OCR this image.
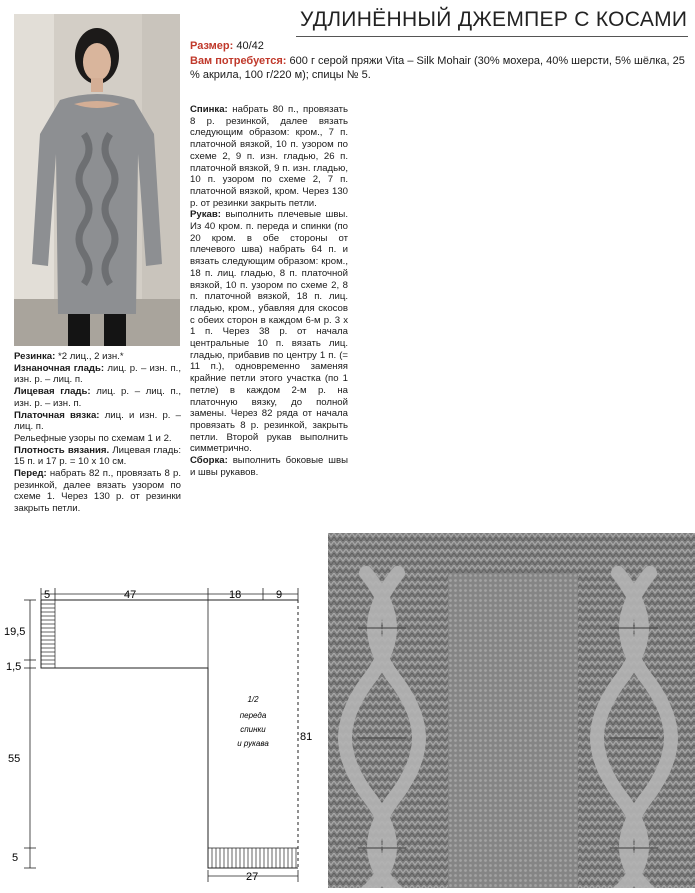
УДЛИНЁННЫЙ ДЖЕМПЕР С КОСАМИ
Размер: 40/42
Вам потребуется: 600 г серой пряжи Vita – Silk Mohair (30% мохера, 40% шерсти, 5% шёлка, 25 % акрила, 100 г/220 м); спицы № 5.

Резинка: *2 лиц., 2 изн.*

Изнаночная гладь: лиц. р. – изн. п., изн. р. – лиц. п.

Лицевая гладь: лиц. р. – лиц. п., изн. р. – изн. п.

Платочная вязка: лиц. и изн. р. – лиц. п.

Рельефные узоры по схемам 1 и 2.

Плотность вязания. Лицевая гладь: 15 п. и 17 р. = 10 х 10 см.

Перед: набрать 82 п., провязать 8 р. резинкой, далее вязать узором по схеме 1. Через 130 р. от резинки закрыть петли.

Спинка: набрать 80 п., провязать 8 р. резинкой, далее вязать следующим образом: кром., 7 п. платочной вязкой, 10 п. узором по схеме 2, 9 п. изн. гладью, 26 п. платочной вязкой, 9 п. изн. гладью, 10 п. узором по схеме 2, 7 п. платочной вязкой, кром. Через 130 р. от резинки закрыть петли.

Рукав: выполнить плечевые швы. Из 40 кром. п. переда и спинки (по 20 кром. в обе стороны от плечевого шва) набрать 64 п. и вязать следующим образом: кром., 18 п. лиц. гладью, 8 п. платочной вязкой, 10 п. узором по схеме 2, 8 п. платочной вязкой, 18 п. лиц. гладью, кром., убавляя для скосов с обеих сторон в каждом 6-м р. 3 х 1 п. Через 38 р. от начала центральные 10 п. вязать лиц. гладью, прибавив по центру 1 п. (= 11 п.), одновременно заменяя крайние петли этого участка (по 1 петле) в каждом 2-м р. на платочную вязку, до полной замены. Через 82 ряда от начала провязать 8 р. резинкой, закрыть петли. Второй рукав выполнить симметрично.

Сборка: выполнить боковые швы и швы рукавов.

5	47	18	9
19,5
1,5
55
5
81
27
1/2
переда
спинки
и рукава
